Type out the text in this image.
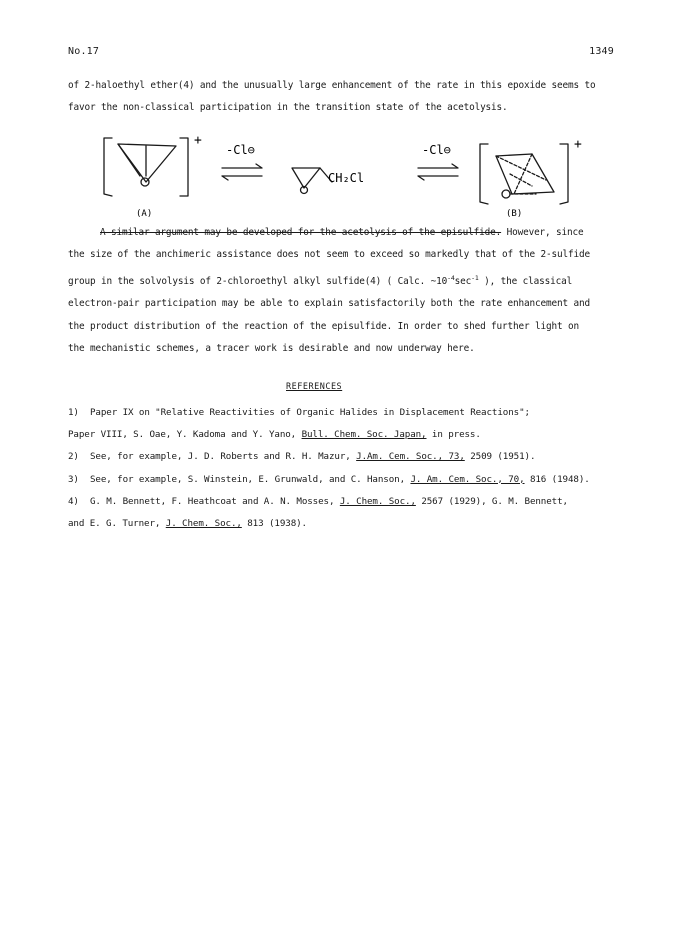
No.17	1349
of 2-haloethyl ether(4) and the unusually large enhancement of the rate in this epoxide seems to
favor the non-classical participation in the transition state of the acetolysis.
+	+
-Cl⊖	-Cl⊖
CH₂Cl
(A)	(B)
A similar argument may be developed for the acetolysis of the episulfide. However, since
the size of the anchimeric assistance does not seem to exceed so markedly that of the 2-sulfide
group in the solvolysis of 2-chloroethyl alkyl sulfide(4) ( Calc. $\sim 10^{-4}\sec^{-1}$ ), the classical
electron-pair participation may be able to explain satisfactorily both the rate enhancement and
the product distribution of the reaction of the episulfide. In order to shed further light on
the mechanistic schemes, a tracer work is desirable and now underway here.
REFERENCES
1) Paper IX on "Relative Reactivities of Organic Halides in Displacement Reactions";
Paper VIII, S. Oae, Y. Kadoma and Y. Yano, Bull. Chem. Soc. Japan, in press.
2) See, for example, J. D. Roberts and R. H. Mazur, J.Am. Cem. Soc., 73, 2509 (1951).
3) See, for example, S. Winstein, E. Grunwald, and C. Hanson, J. Am. Cem. Soc., 70, 816 (1948).
4) G. M. Bennett, F. Heathcoat and A. N. Mosses, J. Chem. Soc., 2567 (1929), G. M. Bennett,
and E. G. Turner, J. Chem. Soc., 813 (1938).
